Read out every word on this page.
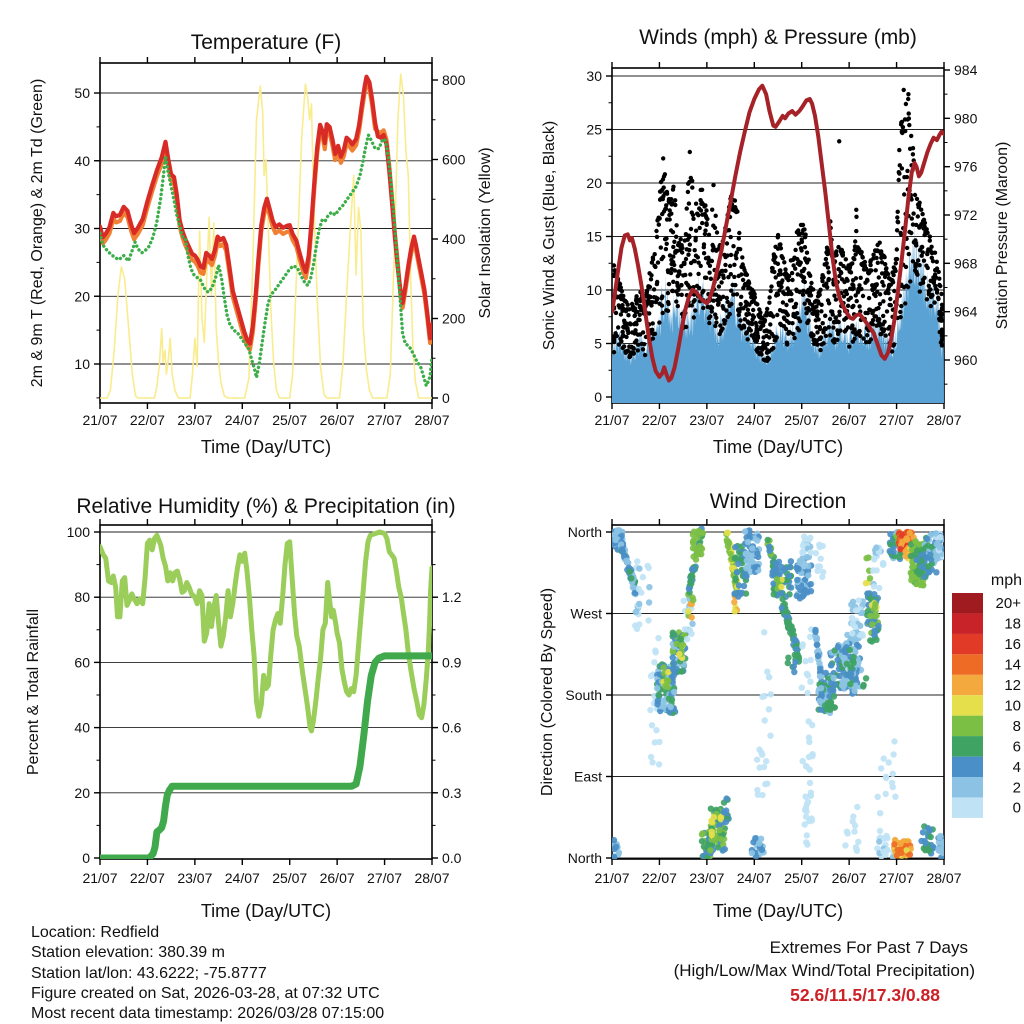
21/07 22/07 23/07 24/07 25/07 26/07 27/07 28/07
10
20
30
40
50
0
200
400
600
800
Temperature (F)
Time (Day/UTC)
2m & 9m T (Red, Orange) & 2m Td (Green)	Solar Insolation (Yellow)
21/07 22/07 23/07 24/07 25/07 26/07 27/07 28/07
0
5
10
15
20
25
30
960
964
968
972
976
980
984
Winds (mph) & Pressure (mb)
Time (Day/UTC)
Sonic Wind & Gust (Blue, Black)	Station Pressure (Maroon)
21/07 22/07 23/07 24/07 25/07 26/07 27/07 28/07
0
20
40
60
80
100
0.0
0.3
0.6
0.9
1.2
Relative Humidity (%) & Precipitation (in)
Time (Day/UTC)
Percent & Total Rainfall
21/07 22/07 23/07 24/07 25/07 26/07 27/07 28/07
North
West
South
East
North
Wind Direction
Time (Day/UTC)
Direction (Colored By Speed)	20+
18
16
14
12
10
8
6
4
2
0
mph
Location: Redfield
Station elevation: 380.39 m
Station lat/lon: 43.6222; -75.8777
Figure created on Sat, 2026-03-28, at 07:32 UTC
Most recent data timestamp: 2026/03/28 07:15:00
Extremes For Past 7 Days
(High/Low/Max Wind/Total Precipitation)
52.6/11.5/17.3/0.88
